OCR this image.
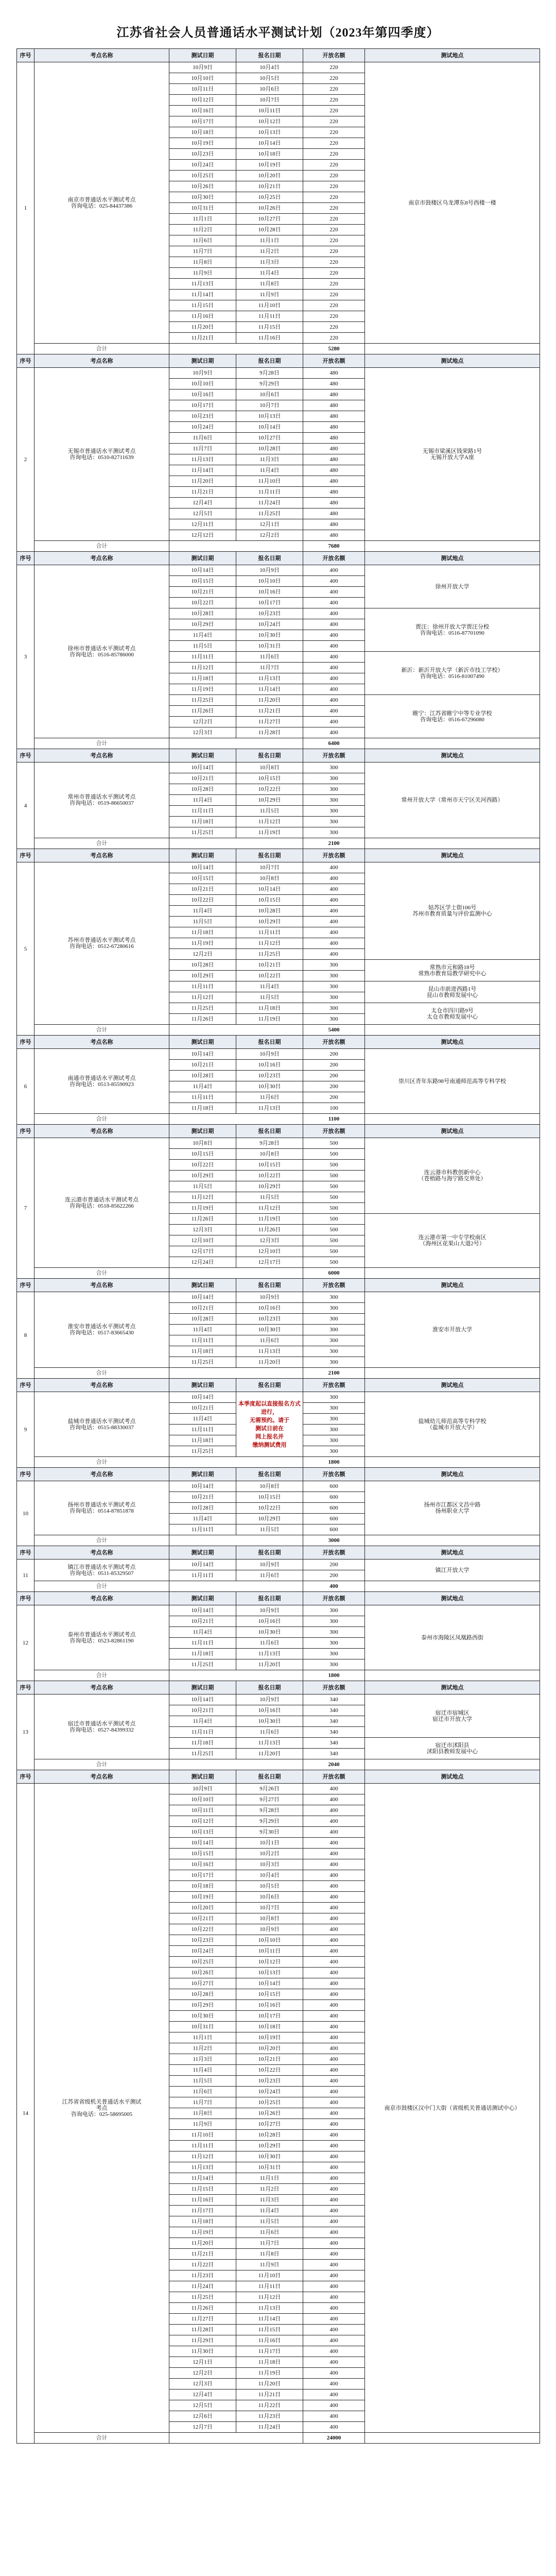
江苏省社会人员普通话水平测试计划（2023年第四季度）
序号	考点名称	测试日期	报名日期	开放名额	测试地点
1	南京市普通话水平测试考点
咨询电话：025-84437386	10月9日	10月4日	220	南京市鼓楼区乌龙潭东8号西楼一楼
		10月10日	10月5日	220	
		10月11日	10月6日	220	
		10月12日	10月7日	220	
		10月16日	10月11日	220	
		10月17日	10月12日	220	
		10月18日	10月13日	220	
		10月19日	10月14日	220	
		10月23日	10月18日	220	
		10月24日	10月19日	220	
		10月25日	10月20日	220	
		10月26日	10月21日	220	
		10月30日	10月25日	220	
		10月31日	10月26日	220	
		11月1日	10月27日	220	
		11月2日	10月28日	220	
		11月6日	11月1日	220	
		11月7日	11月2日	220	
		11月8日	11月3日	220	
		11月9日	11月4日	220	
		11月13日	11月8日	220	
		11月14日	11月9日	220	
		11月15日	11月10日	220	
		11月16日	11月11日	220	
		11月20日	11月15日	220	
		11月21日	11月16日	220	
	合计			5280	
序号	考点名称	测试日期	报名日期	开放名额	测试地点
2	无锡市普通话水平测试考点
咨询电话：0510-82711639	10月9日	9月28日	480	无锡市梁溪区钱荣路1号
无锡开放大学A座
		10月10日	9月29日	480	
		10月16日	10月6日	480	
		10月17日	10月7日	480	
		10月23日	10月13日	480	
		10月24日	10月14日	480	
		11月6日	10月27日	480	
		11月7日	10月28日	480	
		11月13日	11月3日	480	
		11月14日	11月4日	480	
		11月20日	11月10日	480	
		11月21日	11月11日	480	
		12月4日	11月24日	480	
		12月5日	11月25日	480	
		12月11日	12月1日	480	
		12月12日	12月2日	480	
	合计			7680	
序号	考点名称	测试日期	报名日期	开放名额	测试地点
3	徐州市普通话水平测试考点
咨询电话：0516-85786000	10月14日	10月9日	400	徐州开放大学
		10月15日	10月10日	400	
		10月21日	10月16日	400	
		10月22日	10月17日	400	
		10月28日	10月23日	400	贾汪：徐州开放大学贾汪分校
咨询电话：0516-87701090
		10月29日	10月24日	400	
		11月4日	10月30日	400	
		11月5日	10月31日	400	
		11月11日	11月6日	400	新沂：新沂开放大学（新沂市技工学校）
咨询电话：0516-81007490
		11月12日	11月7日	400	
		11月18日	11月13日	400	
		11月19日	11月14日	400	
		11月25日	11月20日	400	睢宁：江苏省睢宁中等专业学校
咨询电话：0516-67296080
		11月26日	11月21日	400	
		12月2日	11月27日	400	
		12月3日	11月28日	400	
	合计			6400	
序号	考点名称	测试日期	报名日期	开放名额	测试地点
4	常州市普通话水平测试考点
咨询电话：0519-86650037	10月14日	10月8日	300	常州开放大学（常州市天宁区关河西路）
		10月21日	10月15日	300	
		10月28日	10月22日	300	
		11月4日	10月29日	300	
		11月11日	11月5日	300	
		11月18日	11月12日	300	
		11月25日	11月19日	300	
	合计			2100	
序号	考点名称	测试日期	报名日期	开放名额	测试地点
5	苏州市普通话水平测试考点
咨询电话：0512-67280616	10月14日	10月7日	400	姑苏区学士街106号
苏州市教育质量与评价监测中心
		10月15日	10月8日	400	
		10月21日	10月14日	400	
		10月22日	10月15日	400	
		11月4日	10月28日	400	
		11月5日	10月29日	400	
		11月18日	11月11日	400	
		11月19日	11月12日	400	
		12月2日	11月25日	400	
		10月28日	10月21日	300	常熟市元和路18号
常熟市教育局教学研究中心
		10月29日	10月22日	300	
		11月11日	11月4日	300	昆山市前进西路1号
昆山市教师发展中心
		11月12日	11月5日	300	
		11月25日	11月18日	300	太仓市四川路9号
太仓市教师发展中心
		11月26日	11月19日	300	
	合计			5400	
序号	考点名称	测试日期	报名日期	开放名额	测试地点
6	南通市普通话水平测试考点
咨询电话：0513-85590923	10月14日	10月9日	200	崇川区青年东路98号南通师范高等专科学校
		10月21日	10月16日	200	
		10月28日	10月23日	200	
		11月4日	10月30日	200	
		11月11日	11月6日	200	
		11月18日	11月13日	100	
	合计			1100	
序号	考点名称	测试日期	报名日期	开放名额	测试地点
7	连云港市普通话水平测试考点
咨询电话：0518-85622266	10月8日	9月28日	500	连云港市科教创新中心
（苍梧路与海宁路交界处）
		10月15日	10月8日	500	
		10月22日	10月15日	500	
		10月29日	10月22日	500	
		11月5日	10月29日	500	
		11月12日	11月5日	500	
		11月19日	11月12日	500	
		11月26日	11月19日	500	连云港市第一中专学校南区
（海州区花果山大道2号）
		12月3日	11月26日	500	
		12月10日	12月3日	500	
		12月17日	12月10日	500	
		12月24日	12月17日	500	
	合计			6000	
序号	考点名称	测试日期	报名日期	开放名额	测试地点
8	淮安市普通话水平测试考点
咨询电话：0517-83665430	10月14日	10月9日	300	淮安市开放大学
		10月21日	10月16日	300	
		10月28日	10月23日	300	
		11月4日	10月30日	300	
		11月11日	11月6日	300	
		11月18日	11月13日	300	
		11月25日	11月20日	300	
	合计			2100	
序号	考点名称	测试日期	报名日期	开放名额	测试地点
9	盐城市普通话水平测试考点
咨询电话：0515-88330037	10月14日	本季度起以直接报名方式进行，
无需预约。请于
测试日前在
网上报名并
缴纳测试费用	300	盐城幼儿师范高等专科学校
（盐城市开放大学）
		10月21日		300	
		11月4日		300	
		11月11日		300	
		11月18日		300	
		11月25日		300	
	合计			1800	
序号	考点名称	测试日期	报名日期	开放名额	测试地点
10	扬州市普通话水平测试考点
咨询电话：0514-87851878	10月14日	10月8日	600	扬州市江都区文昌中路
扬州职业大学
		10月21日	10月15日	600	
		10月28日	10月22日	600	
		11月4日	10月29日	600	
		11月11日	11月5日	600	
	合计			3000	
序号	考点名称	测试日期	报名日期	开放名额	测试地点
11	镇江市普通话水平测试考点
咨询电话：0511-85329507	10月14日	10月9日	200	镇江开放大学
		11月11日	11月6日	200	
	合计			400	
序号	考点名称	测试日期	报名日期	开放名额	测试地点
12	泰州市普通话水平测试考点
咨询电话：0523-82861190	10月14日	10月9日	300	泰州市海陵区凤凰路西街
		10月21日	10月16日	300	
		11月4日	10月30日	300	
		11月11日	11月6日	300	
		11月18日	11月13日	300	
		11月25日	11月20日	300	
	合计			1800	
序号	考点名称	测试日期	报名日期	开放名额	测试地点
13	宿迁市普通话水平测试考点
咨询电话：0527-84399332	10月14日	10月9日	340	宿迁市宿城区
宿迁市开放大学
		10月21日	10月16日	340	
		11月4日	10月30日	340	
		11月11日	11月6日	340	
		11月18日	11月13日	340	宿迁市沭阳县
沭阳县教师发展中心
		11月25日	11月20日	340	
	合计			2040	
序号	考点名称	测试日期	报名日期	开放名额	测试地点
14	江苏省省级机关普通话水平测试
考点
咨询电话：025-58695005	10月9日	9月26日	400	南京市鼓楼区汉中门大街（省级机关普通话测试中心）
		10月10日	9月27日	400	
		10月11日	9月28日	400	
		10月12日	9月29日	400	
		10月13日	9月30日	400	
		10月14日	10月1日	400	
		10月15日	10月2日	400	
		10月16日	10月3日	400	
		10月17日	10月4日	400	
		10月18日	10月5日	400	
		10月19日	10月6日	400	
		10月20日	10月7日	400	
		10月21日	10月8日	400	
		10月22日	10月9日	400	
		10月23日	10月10日	400	
		10月24日	10月11日	400	
		10月25日	10月12日	400	
		10月26日	10月13日	400	
		10月27日	10月14日	400	
		10月28日	10月15日	400	
		10月29日	10月16日	400	
		10月30日	10月17日	400	
		10月31日	10月18日	400	
		11月1日	10月19日	400	
		11月2日	10月20日	400	
		11月3日	10月21日	400	
		11月4日	10月22日	400	
		11月5日	10月23日	400	
		11月6日	10月24日	400	
		11月7日	10月25日	400	
		11月8日	10月26日	400	
		11月9日	10月27日	400	
		11月10日	10月28日	400	
		11月11日	10月29日	400	
		11月12日	10月30日	400	
		11月13日	10月31日	400	
		11月14日	11月1日	400	
		11月15日	11月2日	400	
		11月16日	11月3日	400	
		11月17日	11月4日	400	
		11月18日	11月5日	400	
		11月19日	11月6日	400	
		11月20日	11月7日	400	
		11月21日	11月8日	400	
		11月22日	11月9日	400	
		11月23日	11月10日	400	
		11月24日	11月11日	400	
		11月25日	11月12日	400	
		11月26日	11月13日	400	
		11月27日	11月14日	400	
		11月28日	11月15日	400	
		11月29日	11月16日	400	
		11月30日	11月17日	400	
		12月1日	11月18日	400	
		12月2日	11月19日	400	
		12月3日	11月20日	400	
		12月4日	11月21日	400	
		12月5日	11月22日	400	
		12月6日	11月23日	400	
		12月7日	11月24日	400	
	合计			24000	
